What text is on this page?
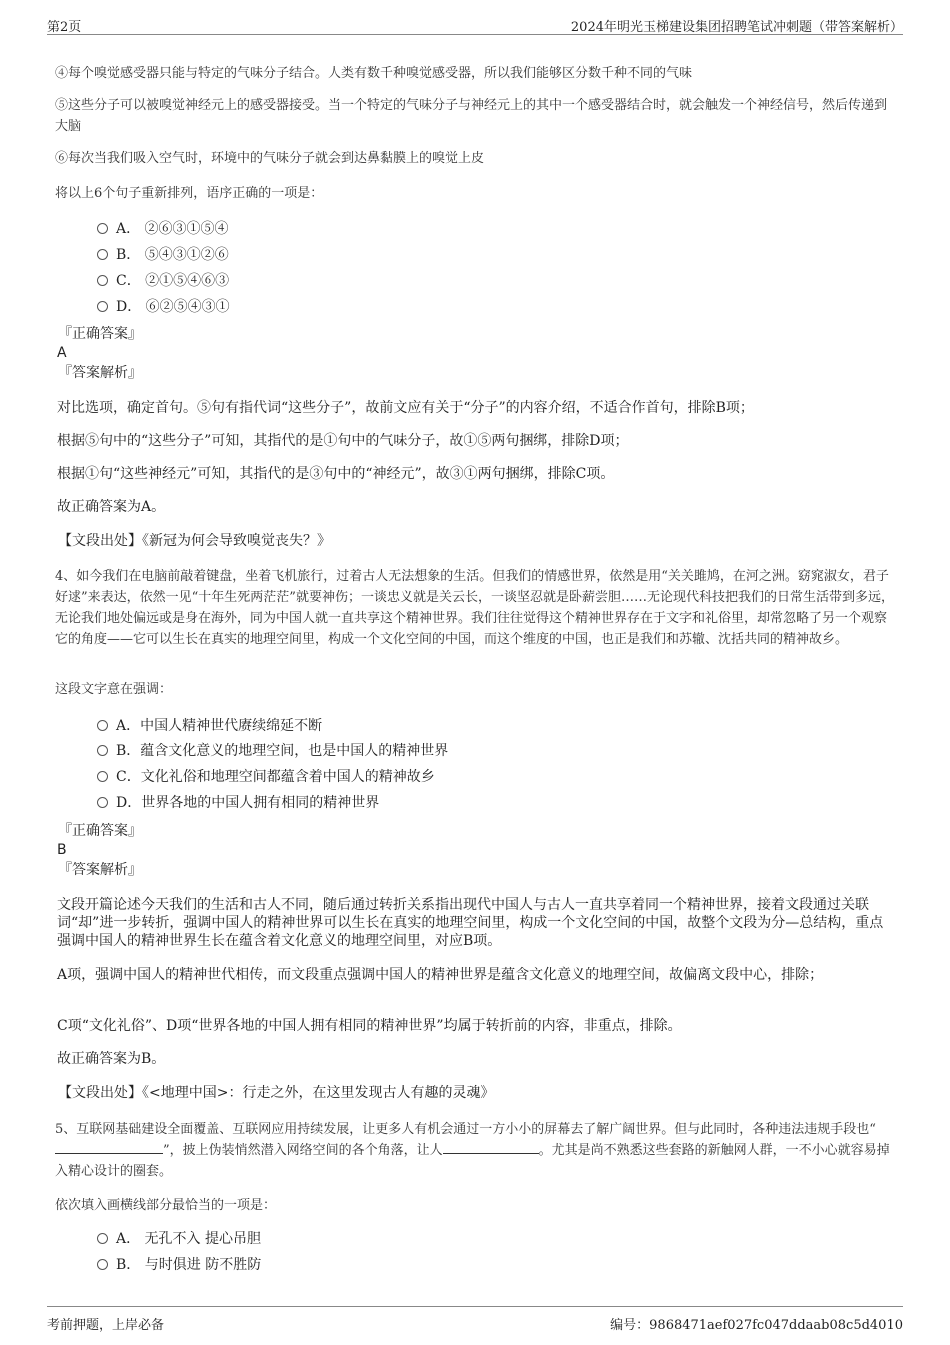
第2页	2024年明光玉梯建设集团招聘笔试冲刺题（带答案解析）

④每个嗅觉感受器只能与特定的气味分子结合。人类有数千种嗅觉感受器，所以我们能够区分数千种不同的气味

⑤这些分子可以被嗅觉神经元上的感受器接受。当一个特定的气味分子与神经元上的其中一个感受器结合时，就会触发一个神经信号，然后传递到大脑

⑥每次当我们吸入空气时，环境中的气味分子就会到达鼻黏膜上的嗅觉上皮

将以上6个句子重新排列，语序正确的一项是：

A． ②⑥③①⑤④
B． ⑤④③①②⑥
C． ②①⑤④⑥③
D． ⑥②⑤④③①
『正确答案』
A
『答案解析』

对比选项，确定首句。⑤句有指代词“这些分子”，故前文应有关于“分子”的内容介绍，不适合作首句，排除B项；

根据⑤句中的“这些分子”可知，其指代的是①句中的气味分子，故①⑤两句捆绑，排除D项；

根据①句“这些神经元”可知，其指代的是③句中的“神经元”，故③①两句捆绑，排除C项。

故正确答案为A。

【文段出处】《新冠为何会导致嗅觉丧失？》

4、如今我们在电脑前敲着键盘，坐着飞机旅行，过着古人无法想象的生活。但我们的情感世界，依然是用“关关雎鸠，在河之洲。窈窕淑女，君子好逑”来表达，依然一见“十年生死两茫茫”就要神伤；一谈忠义就是关云长，一谈坚忍就是卧薪尝胆……无论现代科技把我们的日常生活带到多远，无论我们地处偏远或是身在海外，同为中国人就一直共享这个精神世界。我们往往觉得这个精神世界存在于文字和礼俗里，却常忽略了另一个观察它的角度——它可以生长在真实的地理空间里，构成一个文化空间的中国，而这个维度的中国，也正是我们和苏辙、沈括共同的精神故乡。

这段文字意在强调：

A．中国人精神世代赓续绵延不断
B．蕴含文化意义的地理空间，也是中国人的精神世界
C．文化礼俗和地理空间都蕴含着中国人的精神故乡
D．世界各地的中国人拥有相同的精神世界
『正确答案』
B
『答案解析』

文段开篇论述今天我们的生活和古人不同，随后通过转折关系指出现代中国人与古人一直共享着同一个精神世界，接着文段通过关联词“却”进一步转折，强调中国人的精神世界可以生长在真实的地理空间里，构成一个文化空间的中国，故整个文段为分—总结构，重点强调中国人的精神世界生长在蕴含着文化意义的地理空间里，对应B项。

A项，强调中国人的精神世代相传，而文段重点强调中国人的精神世界是蕴含文化意义的地理空间，故偏离文段中心，排除；

C项“文化礼俗”、D项“世界各地的中国人拥有相同的精神世界”均属于转折前的内容，非重点，排除。

故正确答案为B。

【文段出处】《<地理中国>：行走之外，在这里发现古人有趣的灵魂》

5、互联网基础建设全面覆盖、互联网应用持续发展，让更多人有机会通过一方小小的屏幕去了解广阔世界。但与此同时，各种违法违规手段也“”，披上伪装悄然潜入网络空间的各个角落，让人	。尤其是尚不熟悉这些套路的新触网人群，一不小心就容易掉入精心设计的圈套。

依次填入画横线部分最恰当的一项是：

A． 无孔不入 提心吊胆
B． 与时俱进 防不胜防
考前押题，上岸必备	编号：9868471aef027fc047ddaab08c5d4010
